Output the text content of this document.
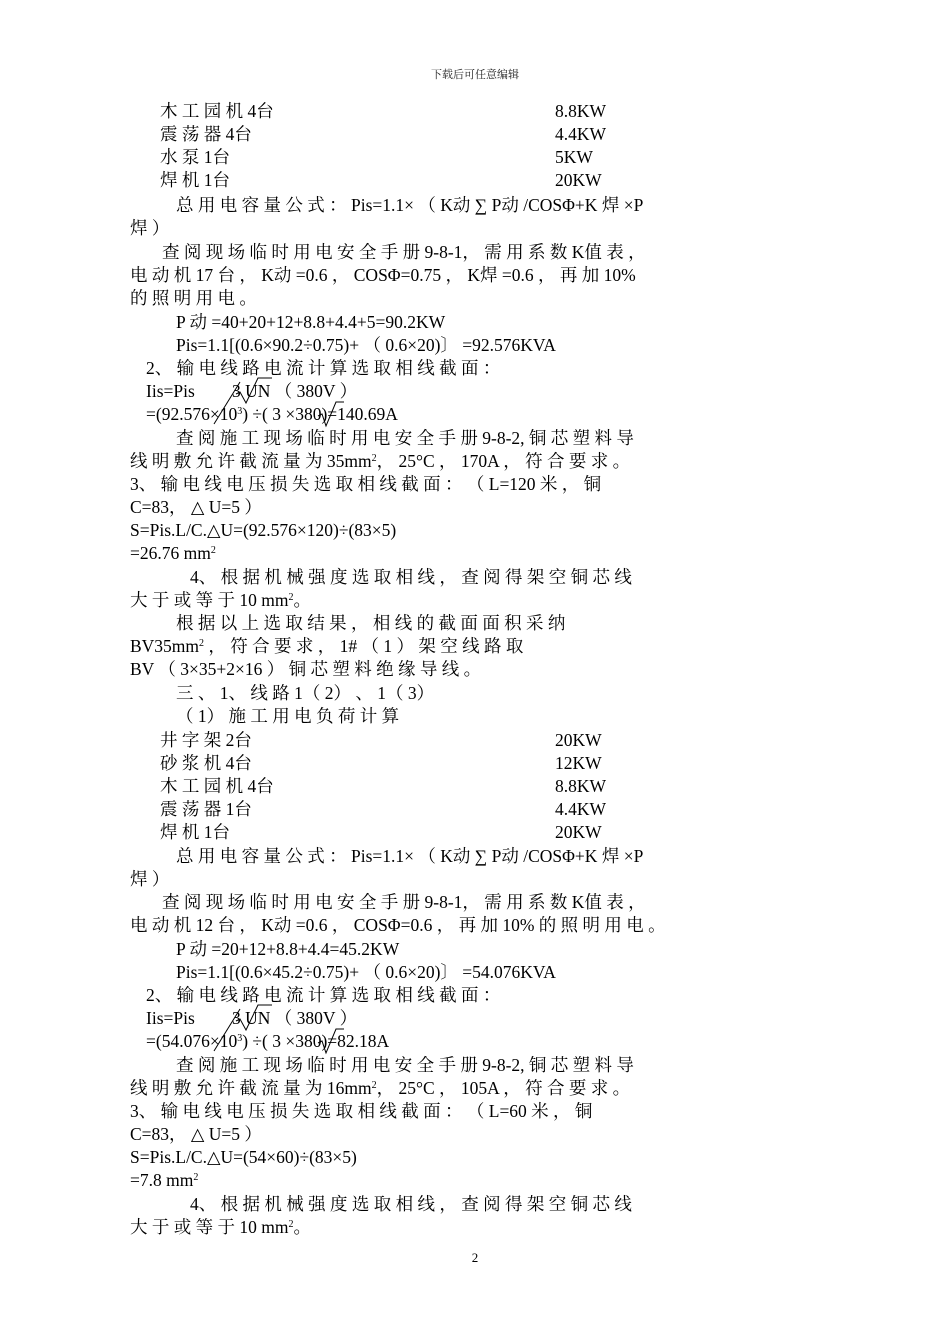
下载后可任意编辑
木 工 园 机 4台	8.8KW
震 荡 器 4台	4.4KW
水 泵 1台	5KW
焊 机 1台	20KW
总 用 电 容 量 公 式 ： Pis=1.1× （ K动 ∑ P动 /COSΦ+K 焊 ×P
焊 ）
查 阅 现 场 临 时 用 电 安 全 手 册 9-8-1， 需 用 系 数 K值 表 ，
电 动 机 17 台 ， K动 =0.6 ， COSΦ=0.75 ， K焊 =0.6 ， 再 加 10%
的 照 明 用 电 。
P 动 =40+20+12+8.8+4.4+5=90.2KW
Pis=1.1[(0.6×90.2÷0.75)+ （ 0.6×20)〕 =92.576KVA
2、 输 电 线 路 电 流 计 算 选 取 相 线 截 面 ：
Iis=Pis 3 UN （ 380V ）
$=(92.576\times 10^3)$ ÷( 3 ×380)=140.69A
查 阅 施 工 现 场 临 时 用 电 安 全 手 册 9-8-2, 铜 芯 塑 料 导
线 明 敷 允 许 截 流 量 为 $35mm^2$， 25°C ， 170A ， 符 合 要 求 。
3、 输 电 线 电 压 损 失 选 取 相 线 截 面 ： （ L=120 米 ， 铜
C=83， △ U=5 ）
S=Pis.L/C.△U=(92.576×120)÷(83×5)
=26.76 $mm^2$
4、 根 据 机 械 强 度 选 取 相 线 ， 查 阅 得 架 空 铜 芯 线
大 于 或 等 于 10 $mm^2$。
根 据 以 上 选 取 结 果 ， 相 线 的 截 面 面 积 采 纳
$BV35mm^2$ ， 符 合 要 求 ， 1# （ 1 ） 架 空 线 路 取
BV （ 3×35+2×16 ） 铜 芯 塑 料 绝 缘 导 线 。
三 、 1、 线 路 1（ 2） 、 1（ 3）
（ 1） 施 工 用 电 负 荷 计 算
井 字 架 2台	20KW
砂 浆 机 4台	12KW
木 工 园 机 4台	8.8KW
震 荡 器 1台	4.4KW
焊 机 1台	20KW
总 用 电 容 量 公 式 ： Pis=1.1× （ K动 ∑ P动 /COSΦ+K 焊 ×P
焊 ）
查 阅 现 场 临 时 用 电 安 全 手 册 9-8-1， 需 用 系 数 K值 表 ，
电 动 机 12 台 ， K动 =0.6 ， COSΦ=0.6 ， 再 加 10% 的 照 明 用 电 。
P 动 =20+12+8.8+4.4=45.2KW
Pis=1.1[(0.6×45.2÷0.75)+ （ 0.6×20)〕 =54.076KVA
2、 输 电 线 路 电 流 计 算 选 取 相 线 截 面 ：
Iis=Pis 3 UN （ 380V ）
$=(54.076\times 10^3)$ ÷( 3 ×380)=82.18A
查 阅 施 工 现 场 临 时 用 电 安 全 手 册 9-8-2, 铜 芯 塑 料 导
线 明 敷 允 许 截 流 量 为 $16mm^2$， 25°C ， 105A ， 符 合 要 求 。
3、 输 电 线 电 压 损 失 选 取 相 线 截 面 ： （ L=60 米 ， 铜
C=83， △ U=5 ）
S=Pis.L/C.△U=(54×60)÷(83×5)
=7.8 $mm^2$
4、 根 据 机 械 强 度 选 取 相 线 ， 查 阅 得 架 空 铜 芯 线
大 于 或 等 于 10 $mm^2$。
2
